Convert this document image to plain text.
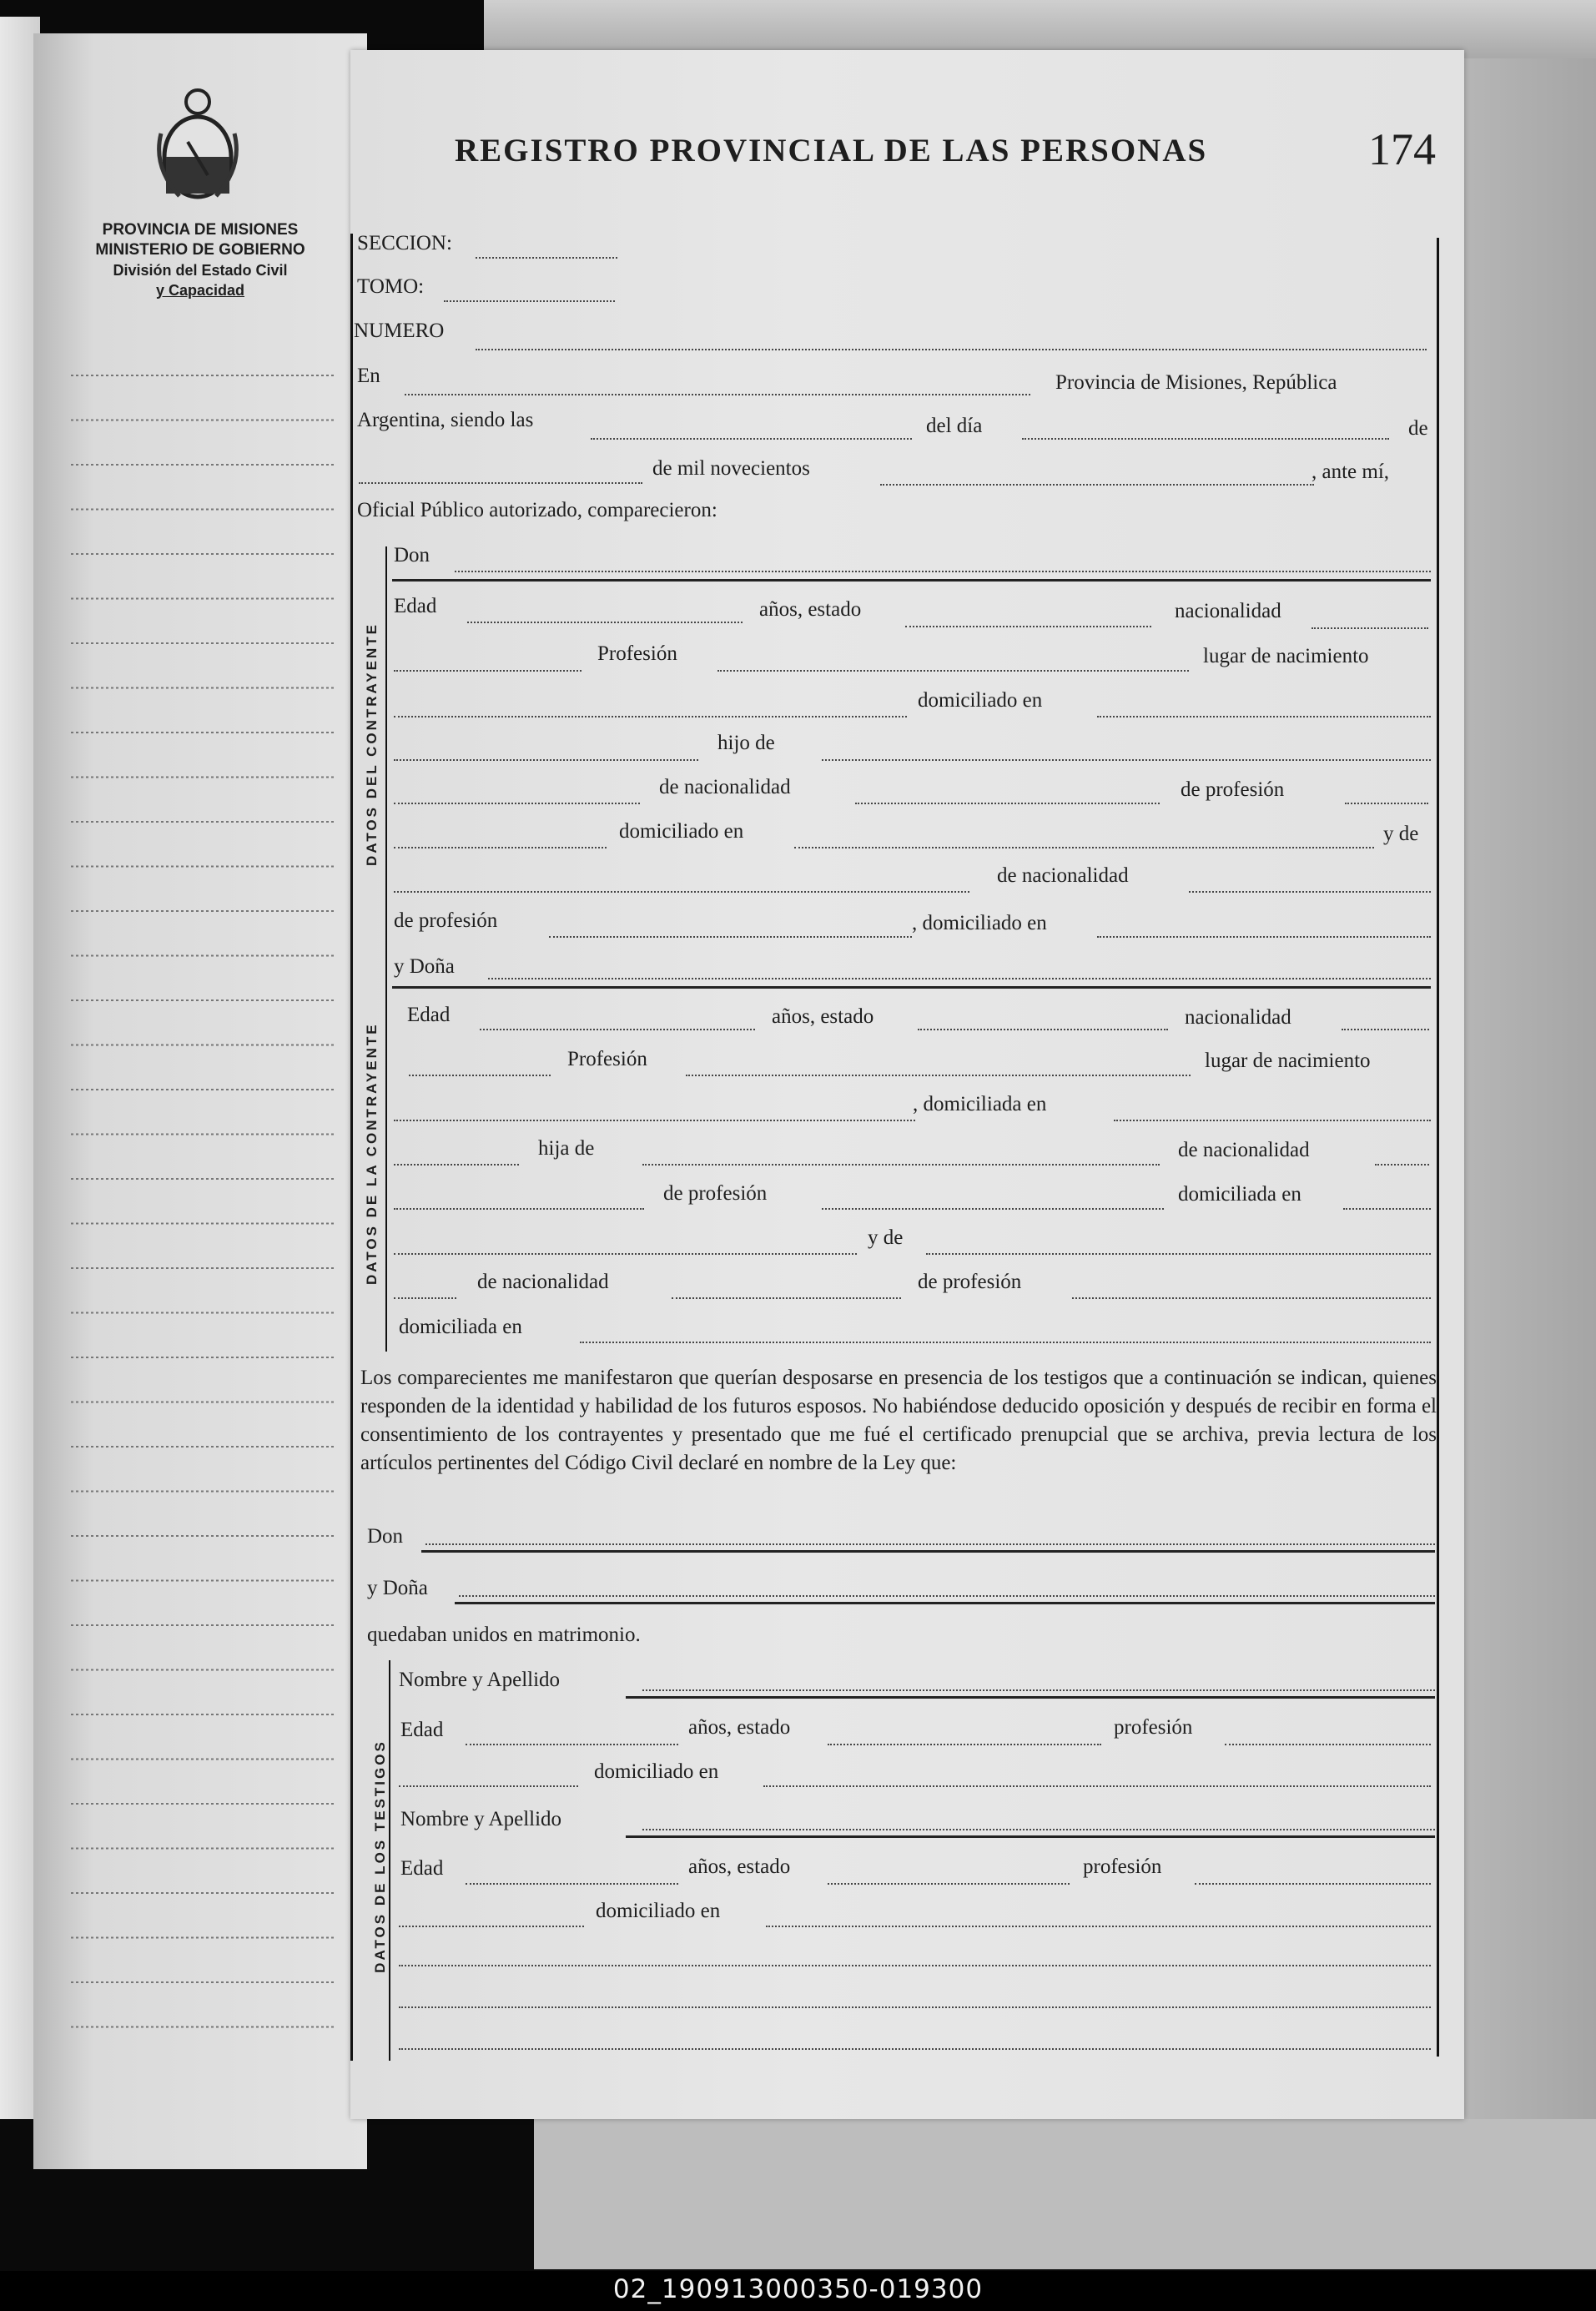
PROVINCIA DE MISIONES
MINISTERIO DE GOBIERNO
División del Estado Civil
y Capacidad
REGISTRO PROVINCIAL DE LAS PERSONAS	174
DATOS DEL CONTRAYENTE
DATOS DE LA CONTRAYENTE
DATOS DE LOS TESTIGOS
SECCION:
TOMO:
NUMERO
En	Provincia de Misiones, República
Argentina, siendo las	del día	de
de mil novecientos	, ante mí,
Oficial Público autorizado, comparecieron:
Don
Edad	años, estado	nacionalidad
Profesión	lugar de nacimiento
domiciliado en
hijo de
de nacionalidad	de profesión
domiciliado en	y de
de nacionalidad
de profesión	, domiciliado en
y Doña
Edad	años, estado	nacionalidad
Profesión	lugar de nacimiento
, domiciliada en
hija de	de nacionalidad
de profesión	domiciliada en
y de
de nacionalidad	de profesión
domiciliada en
Los comparecientes me manifestaron que querían desposarse en presencia de los testigos que a continuación se indican, quienes responden de la identidad y habilidad de los futuros esposos. No habiéndose deducido oposición y después de recibir en forma el consentimiento de los contrayentes y presentado que me fué el certificado prenupcial que se archiva, previa lectura de los artículos pertinentes del Código Civil declaré en nombre de la Ley que:
Don
y Doña
quedaban unidos en matrimonio.
Nombre y Apellido
Edad	años, estado	profesión
domiciliado en
Nombre y Apellido
Edad	años, estado	profesión
domiciliado en
02_190913000350-019300
